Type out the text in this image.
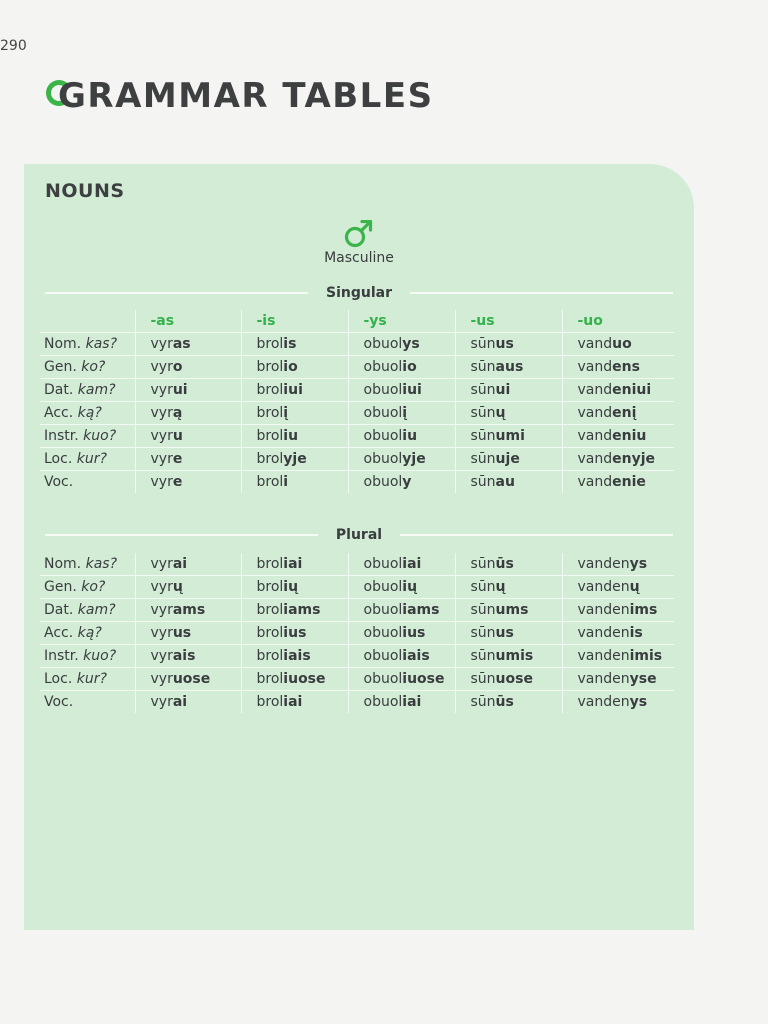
290
GRAMMAR TABLES
NOUNS
Masculine
Singular
	-as	-is	-ys	-us	-uo
Nom. kas?	vyras	brolis	obuolys	sūnus	vanduo
Gen. ko?	vyro	brolio	obuolio	sūnaus	vandens
Dat. kam?	vyrui	broliui	obuoliui	sūnui	vandeniui
Acc. ką?	vyrą	brolį	obuolį	sūnų	vandenį
Instr. kuo?	vyru	broliu	obuoliu	sūnumi	vandeniu
Loc. kur?	vyre	brolyje	obuolyje	sūnuje	vandenyje
Voc.	vyre	broli	obuoly	sūnau	vandenie
Plural
Nom. kas?	vyrai	broliai	obuoliai	sūnūs	vandenys
Gen. ko?	vyrų	brolių	obuolių	sūnų	vandenų
Dat. kam?	vyrams	broliams	obuoliams	sūnums	vandenims
Acc. ką?	vyrus	brolius	obuolius	sūnus	vandenis
Instr. kuo?	vyrais	broliais	obuoliais	sūnumis	vandenimis
Loc. kur?	vyruose	broliuose	obuoliuose	sūnuose	vandenyse
Voc.	vyrai	broliai	obuoliai	sūnūs	vandenys
